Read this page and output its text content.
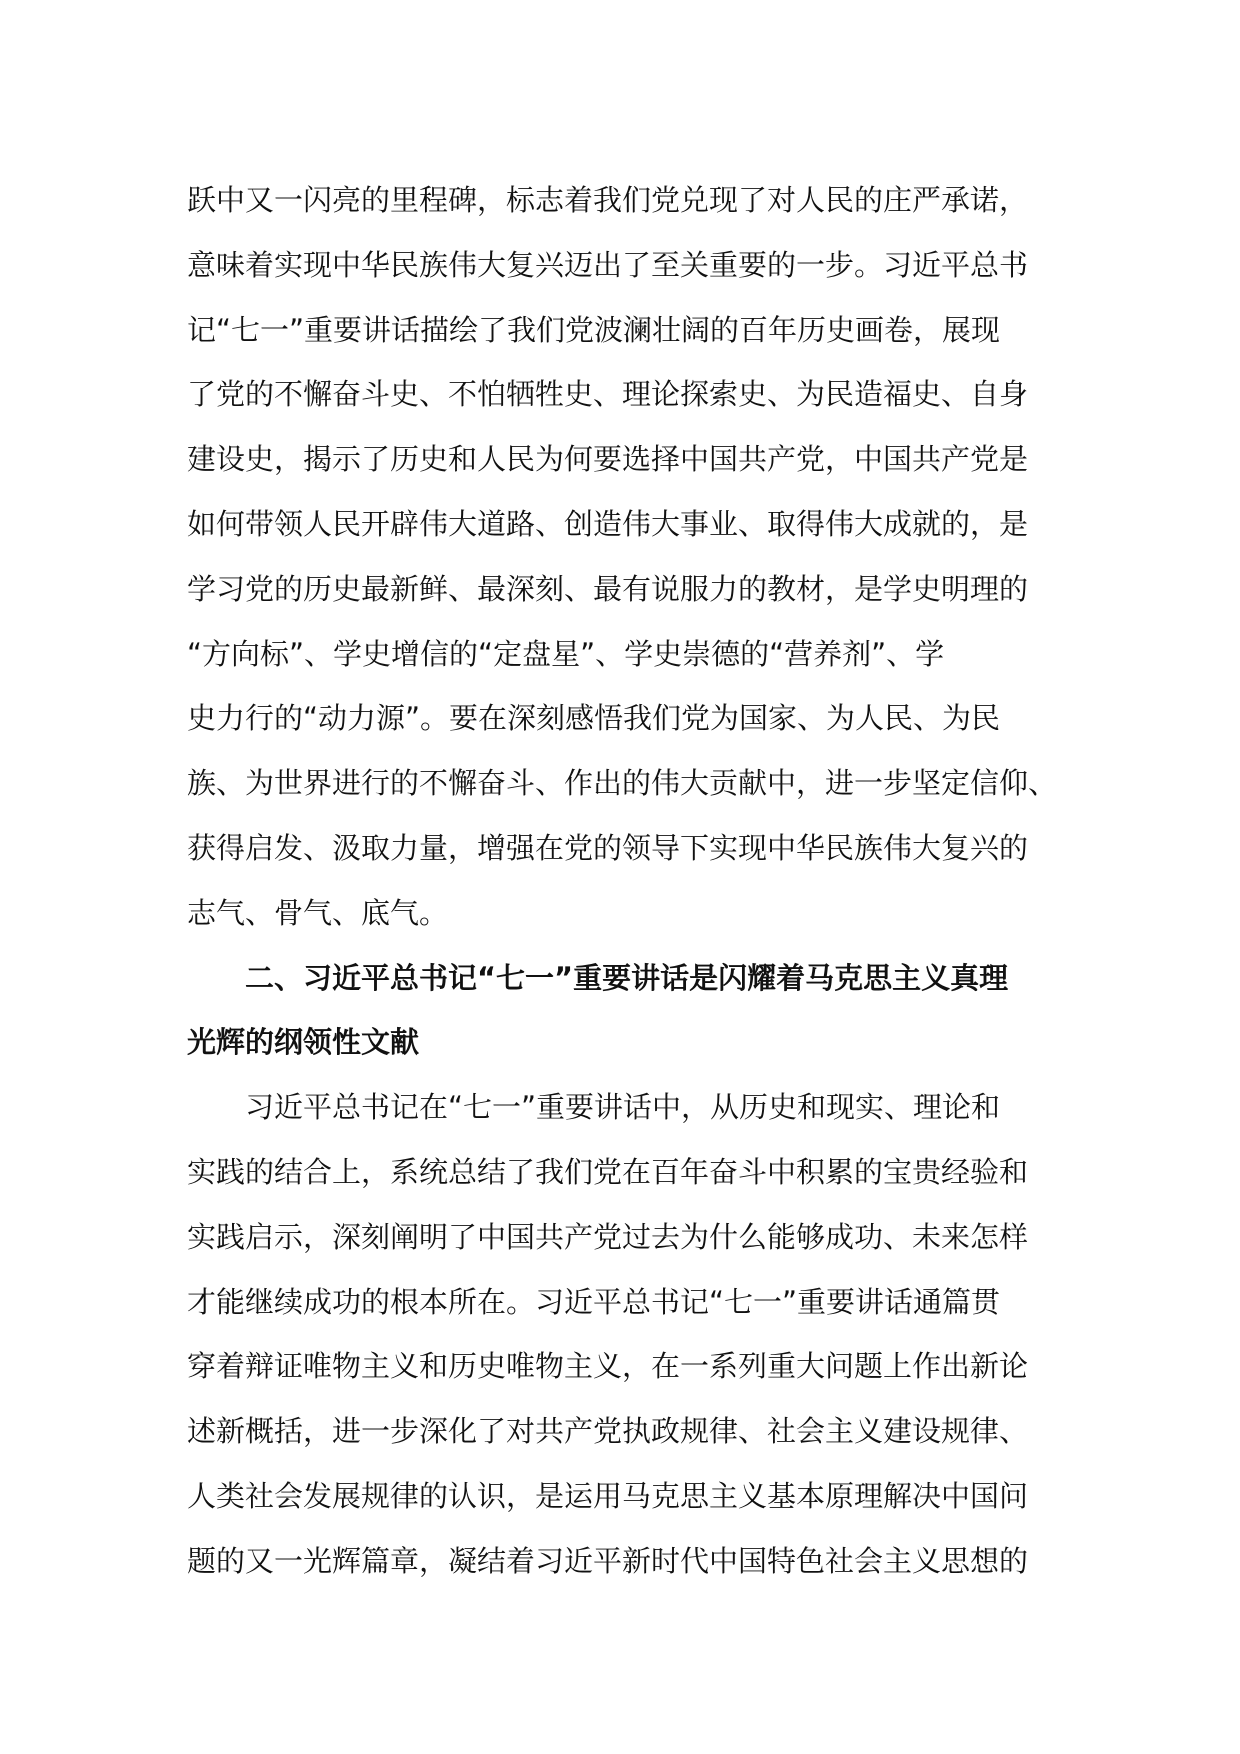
跃中又一闪亮的里程碑，标志着我们党兑现了对人民的庄严承诺，
意味着实现中华民族伟大复兴迈出了至关重要的一步。习近平总书
记“七一”重要讲话描绘了我们党波澜壮阔的百年历史画卷，展现
了党的不懈奋斗史、不怕牺牲史、理论探索史、为民造福史、自身
建设史，揭示了历史和人民为何要选择中国共产党，中国共产党是
如何带领人民开辟伟大道路、创造伟大事业、取得伟大成就的，是
学习党的历史最新鲜、最深刻、最有说服力的教材，是学史明理的
“方向标”、学史增信的“定盘星”、学史崇德的“营养剂”、学
史力行的“动力源”。要在深刻感悟我们党为国家、为人民、为民
族、为世界进行的不懈奋斗、作出的伟大贡献中，进一步坚定信仰、
获得启发、汲取力量，增强在党的领导下实现中华民族伟大复兴的
志气、骨气、底气。
二、习近平总书记“七一”重要讲话是闪耀着马克思主义真理
光辉的纲领性文献
习近平总书记在“七一”重要讲话中，从历史和现实、理论和
实践的结合上，系统总结了我们党在百年奋斗中积累的宝贵经验和
实践启示，深刻阐明了中国共产党过去为什么能够成功、未来怎样
才能继续成功的根本所在。习近平总书记“七一”重要讲话通篇贯
穿着辩证唯物主义和历史唯物主义，在一系列重大问题上作出新论
述新概括，进一步深化了对共产党执政规律、社会主义建设规律、
人类社会发展规律的认识，是运用马克思主义基本原理解决中国问
题的又一光辉篇章，凝结着习近平新时代中国特色社会主义思想的
